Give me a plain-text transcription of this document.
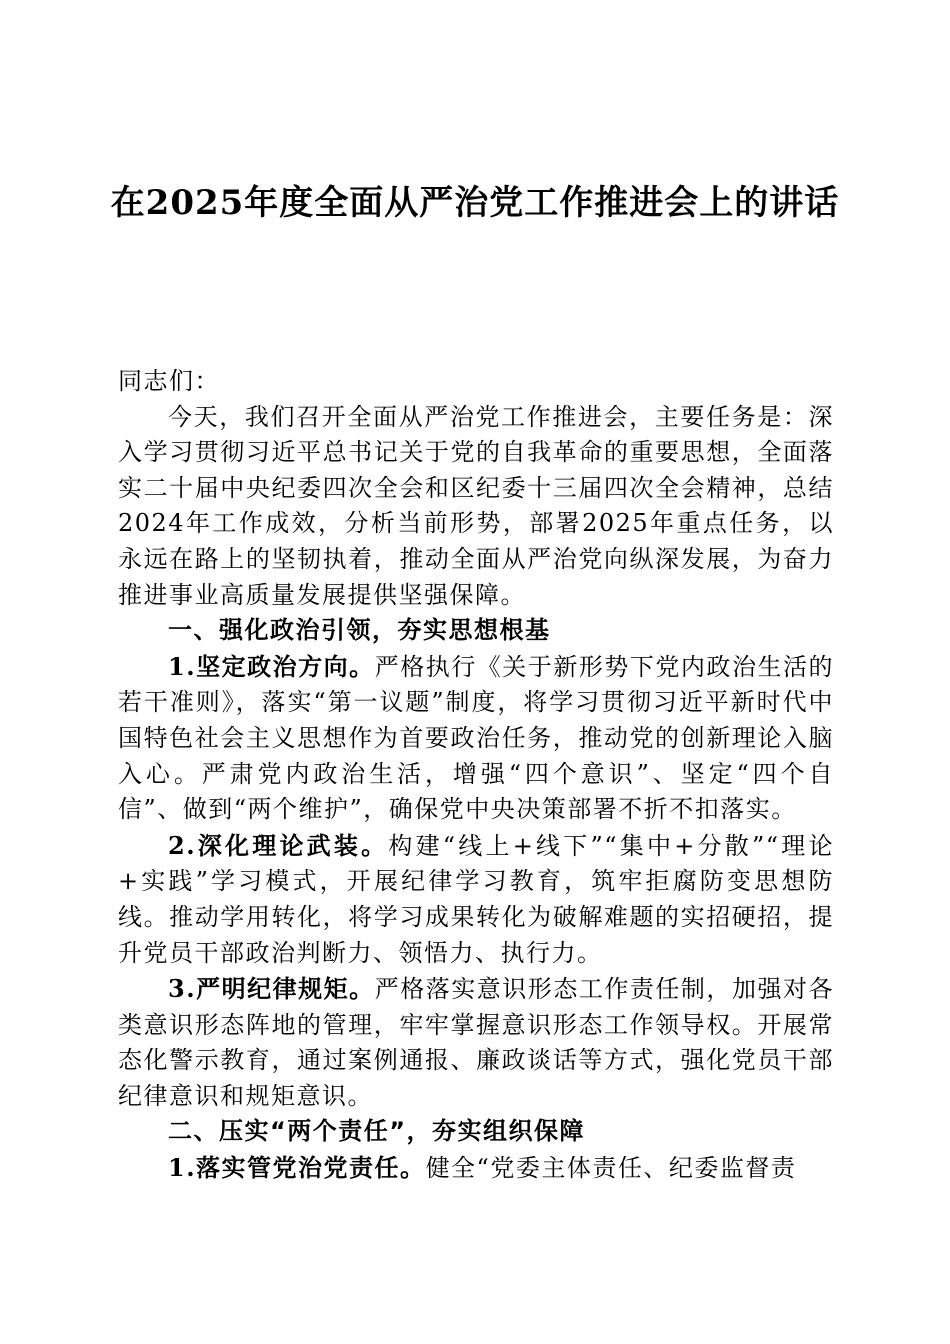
在2025年度全面从严治党工作推进会上的讲话

同志们：

今天，我们召开全面从严治党工作推进会，主要任务是：深入学习贯彻习近平总书记关于党的自我革命的重要思想，全面落实二十届中央纪委四次全会和区纪委十三届四次全会精神，总结2024年工作成效，分析当前形势，部署2025年重点任务，以永远在路上的坚韧执着，推动全面从严治党向纵深发展，为奋力推进事业高质量发展提供坚强保障。

一、强化政治引领，夯实思想根基

1.坚定政治方向。严格执行《关于新形势下党内政治生活的若干准则》，落实“第一议题”制度，将学习贯彻习近平新时代中国特色社会主义思想作为首要政治任务，推动党的创新理论入脑入心。严肃党内政治生活，增强“四个意识”、坚定“四个自信”、做到“两个维护”，确保党中央决策部署不折不扣落实。

2.深化理论武装。构建“线上+线下”“集中+分散”“理论+实践”学习模式，开展纪律学习教育，筑牢拒腐防变思想防线。推动学用转化，将学习成果转化为破解难题的实招硬招，提升党员干部政治判断力、领悟力、执行力。

3.严明纪律规矩。严格落实意识形态工作责任制，加强对各类意识形态阵地的管理，牢牢掌握意识形态工作领导权。开展常态化警示教育，通过案例通报、廉政谈话等方式，强化党员干部纪律意识和规矩意识。

二、压实“两个责任”，夯实组织保障

1.落实管党治党责任。健全“党委主体责任、纪委监督责
